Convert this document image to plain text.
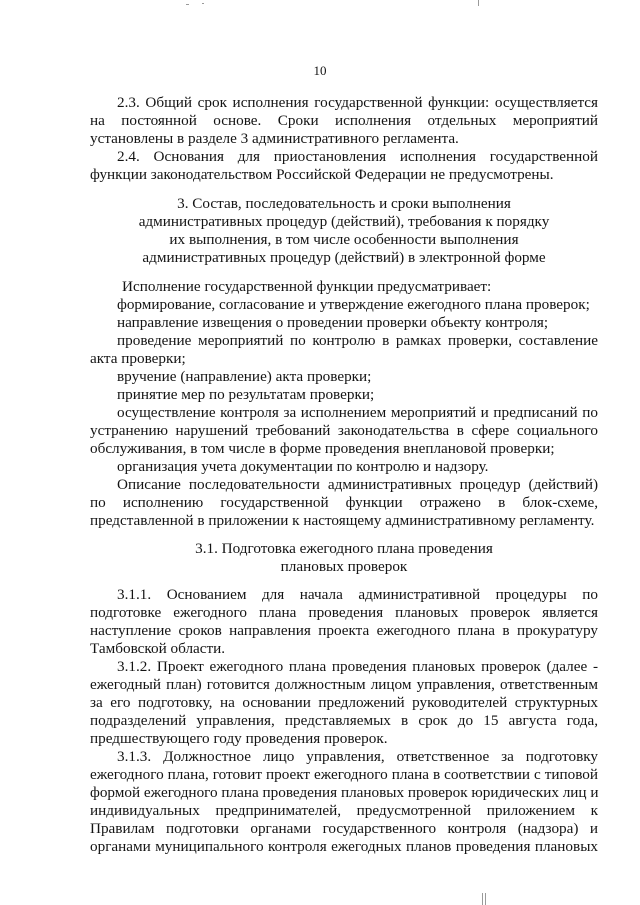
10
2.3. Общий срок исполнения государственной функции: осуществляется
на постоянной основе. Сроки исполнения отдельных мероприятий
установлены в разделе 3 административного регламента.
2.4. Основания для приостановления исполнения государственной
функции законодательством Российской Федерации не предусмотрены.
3. Состав, последовательность и сроки выполнения
административных процедур (действий), требования к порядку
их выполнения, в том числе особенности выполнения
административных процедур (действий) в электронной форме
Исполнение государственной функции предусматривает:
формирование, согласование и утверждение ежегодного плана проверок;
направление извещения о проведении проверки объекту контроля;
проведение мероприятий по контролю в рамках проверки, составление
акта проверки;
вручение (направление) акта проверки;
принятие мер по результатам проверки;
осуществление контроля за исполнением мероприятий и предписаний по
устранению нарушений требований законодательства в сфере социального
обслуживания, в том числе в форме проведения внеплановой проверки;
организация учета документации по контролю и надзору.
Описание последовательности административных процедур (действий)
по исполнению государственной функции отражено в блок-схеме,
представленной в приложении к настоящему административному регламенту.
3.1. Подготовка ежегодного плана проведения
плановых проверок
3.1.1. Основанием для начала административной процедуры по
подготовке ежегодного плана проведения плановых проверок является
наступление сроков направления проекта ежегодного плана в прокуратуру
Тамбовской области.
3.1.2. Проект ежегодного плана проведения плановых проверок (далее -
ежегодный план) готовится должностным лицом управления, ответственным
за его подготовку, на основании предложений руководителей структурных
подразделений управления, представляемых в срок до 15 августа года,
предшествующего году проведения проверок.
3.1.3. Должностное лицо управления, ответственное за подготовку
ежегодного плана, готовит проект ежегодного плана в соответствии с типовой
формой ежегодного плана проведения плановых проверок юридических лиц и
индивидуальных предпринимателей, предусмотренной приложением к
Правилам подготовки органами государственного контроля (надзора) и
органами муниципального контроля ежегодных планов проведения плановых
